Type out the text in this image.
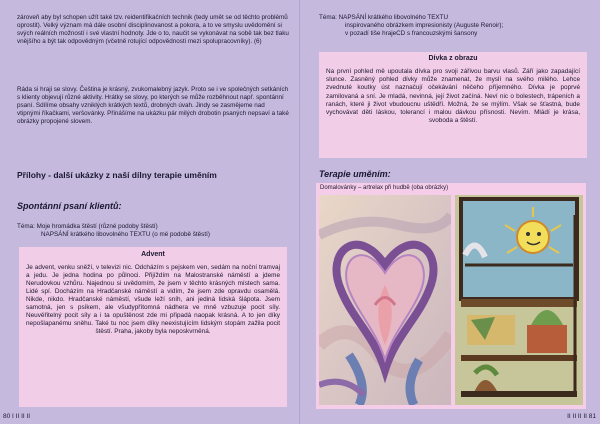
zároveň aby byl schopen užít také tzv. reidentifikačních technik (tedy umět se od těchto problémů oprostit). Velký význam má dále osobní disciplinovanost a pokora, a to ve smyslu uvědomění si svých reálních možností i své vlastní hodnoty. Jde o to, naučit se vykonávat na sobě tak bez tlaku vnějšího a být tak odpovědným (včetně rotující odpovědnosti mezi spolupracovníky). (6)
Ráda si hraji se slovy. Čeština je krásný, zvukomalebný jazyk. Proto se i ve společných setkáních s klienty objevují různé aktivity. Hrátky se slovy, po kterých se může rozběhnout např. spontánní psaní. Sdílíme obsahy vzniklých krátkých textů, drobných úvah. Jindy se zasmějeme nad vtipnými říkačkami, veršovánky. Přinášíme na ukázku pár milých drobotin psaných nepsaví a také obrázky propojené slovem.
Přílohy - další ukázky z naší dílny terapie uměním
Spontánní psaní klientů:
Téma: Moje hromádka štěstí (různé podoby štěstí)
NAPSÁNÍ krátkého libovolného TEXTU (o mé podobě štěstí)
Advent
Je advent, venku sněží, v televizi nic. Odcházím s pejskem ven, sedám na noční tramvaj a jedu. Je jedna hodina po půlnoci. Přijíždím na Malostranské náměstí a jdeme Nerudovkou vzhůru. Najednou si uvědomím, že jsem v těchto krásných místech sama. Lidé spí. Docházím na Hradčanské náměstí a vidím, že jsem zde opravdu osamělá. Nikde, nikdo. Hradčanské náměstí, všude leží sníh, ani jediná lidská šlápota. Jsem samotná, jen s psíkem, ale všudypřítomná nádhera ve mně vzbuzuje pocit síly. Neuvěřitelný pocit síly a i ta opuštěnost zde mi připadá naopak krásná. A to jen díky nepošlapanému sněhu. Také tu noc jsem díky neexistujícím lidským stopám zažila pocit štěstí. Praha, jakoby byla neposkvrněná.
80 I II II II
Téma: NAPSÁNÍ krátkého libovolného TEXTU
inspirovaného obrázkem impresionisty (Auguste Renoir);
v pozadí tiše hrajeCD s francouzskými šansony
Dívka z obrazu
Na první pohled mě upoutala dívka pro svoji zářivou barvu vlasů. Září jako zapadající slunce. Zasněný pohled dívky může znamenat, že myslí na svého milého. Lehce zvednuté koutky úst naznačují očekávání něčeho příjemného. Dívka je poprvé zamilovaná a sní. Je mladá, nevinná, její život začíná. Neví nic o bolestech, trápeních a ranách, které ji život vbudoucnu uštědří. Možná, že se mýlím. Však se šťastná, bude vychovávat děti láskou, tolerancí i malou dávkou přísnosti. Nevím. Mládí je krása, svoboda a štěstí.
Terapie uměním:
Domalovánky – artrelax při hudbě (oba obrázky)
II II II II 81
